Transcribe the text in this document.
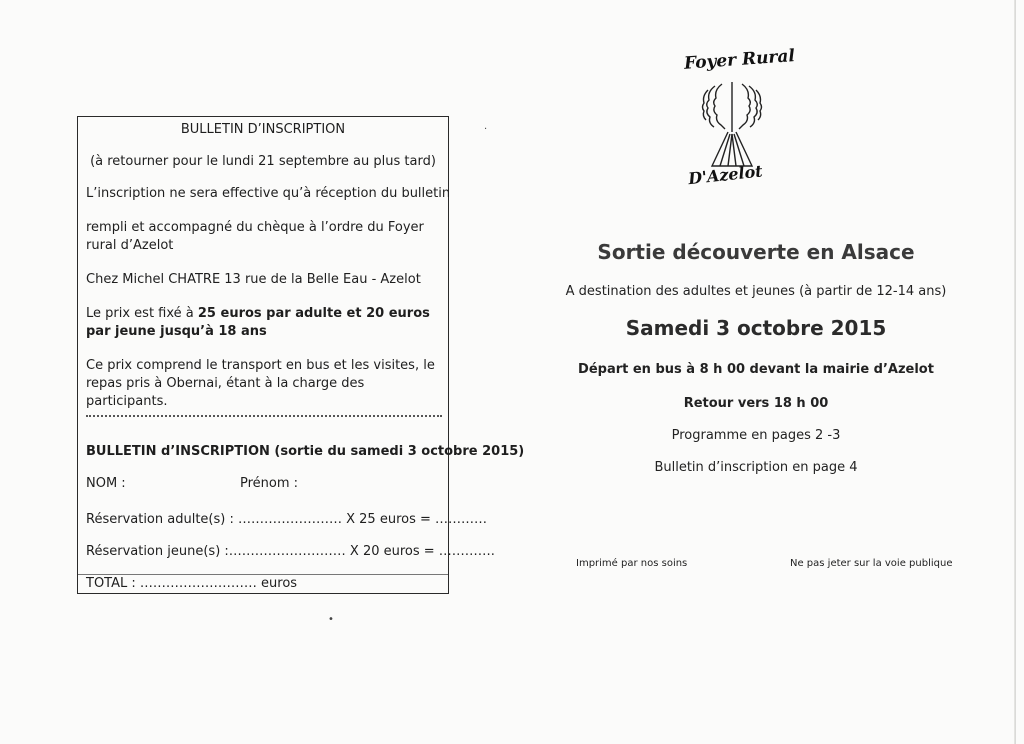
·
•
BULLETIN D’INSCRIPTION
(à retourner pour le lundi 21 septembre au plus tard)
L’inscription ne sera effective qu’à réception du bulletin
rempli et accompagné du chèque à l’ordre du Foyer rural d’Azelot
Chez Michel CHATRE 13 rue de la Belle Eau - Azelot
Le prix est fixé à 25 euros par adulte et 20 euros par jeune jusqu’à 18 ans
Ce prix comprend le transport en bus et les visites, le repas pris à Obernai, étant à la charge des participants.
BULLETIN d’INSCRIPTION (sortie du samedi 3 octobre 2015)
NOM :	Prénom :
Réservation adulte(s) : …………………… X 25 euros = …………
Réservation jeune(s) :……………………… X 20 euros = ………….
TOTAL : ……………………… euros
Foyer Rural
D'Azelot
Sortie découverte en Alsace
A destination des adultes et jeunes (à partir de 12-14 ans)
Samedi 3 octobre 2015
Départ en bus à 8 h 00 devant la mairie d’Azelot
Retour vers 18 h 00
Programme en pages 2 -3
Bulletin d’inscription en page 4
Imprimé par nos soins	Ne pas jeter sur la voie publique
